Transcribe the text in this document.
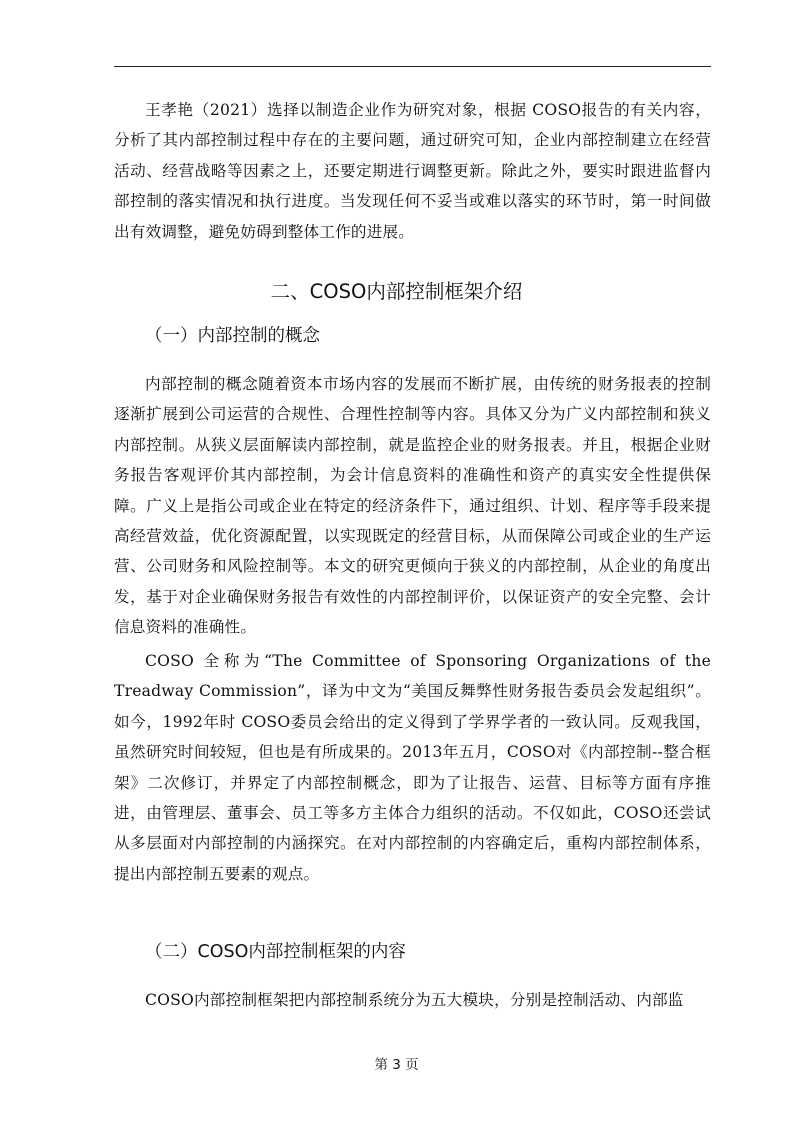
王孝艳（2021）选择以制造企业作为研究对象，根据 COSO报告的有关内容，分析了其内部控制过程中存在的主要问题，通过研究可知，企业内部控制建立在经营活动、经营战略等因素之上，还要定期进行调整更新。除此之外，要实时跟进监督内部控制的落实情况和执行进度。当发现任何不妥当或难以落实的环节时，第一时间做出有效调整，避免妨碍到整体工作的进展。

二、COSO内部控制框架介绍
（一）内部控制的概念

内部控制的概念随着资本市场内容的发展而不断扩展，由传统的财务报表的控制逐渐扩展到公司运营的合规性、合理性控制等内容。具体又分为广义内部控制和狭义内部控制。从狭义层面解读内部控制，就是监控企业的财务报表。并且，根据企业财务报告客观评价其内部控制，为会计信息资料的准确性和资产的真实安全性提供保障。广义上是指公司或企业在特定的经济条件下，通过组织、计划、程序等手段来提高经营效益，优化资源配置，以实现既定的经营目标，从而保障公司或企业的生产运营、公司财务和风险控制等。本文的研究更倾向于狭义的内部控制，从企业的角度出发，基于对企业确保财务报告有效性的内部控制评价，以保证资产的安全完整、会计信息资料的准确性。

COSO 全称为“The Committee of Sponsoring Organizations of the Treadway Commission”，译为中文为“美国反舞弊性财务报告委员会发起组织”。如今，1992年时 COSO委员会给出的定义得到了学界学者的一致认同。反观我国，虽然研究时间较短，但也是有所成果的。2013年五月，COSO对《内部控制--整合框架》二次修订，并界定了内部控制概念，即为了让报告、运营、目标等方面有序推进，由管理层、董事会、员工等多方主体合力组织的活动。不仅如此，COSO还尝试从多层面对内部控制的内涵探究。在对内部控制的内容确定后，重构内部控制体系，提出内部控制五要素的观点。

（二）COSO内部控制框架的内容

COSO内部控制框架把内部控制系统分为五大模块，分别是控制活动、内部监

第 3 页
